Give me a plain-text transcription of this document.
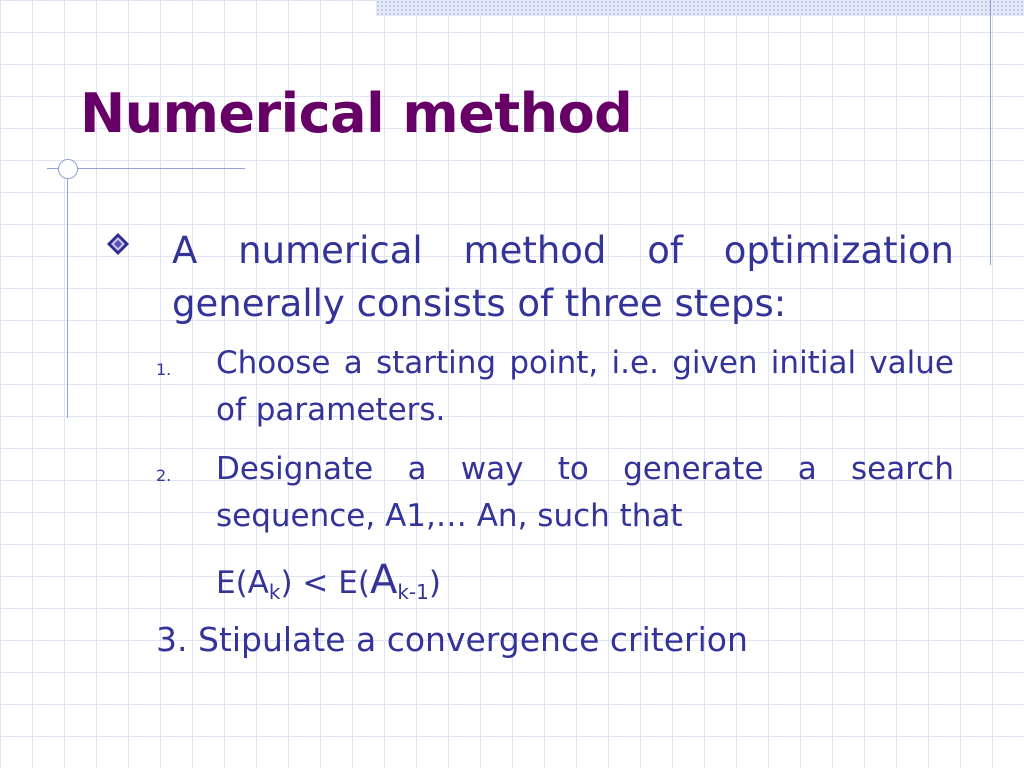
Numerical method

A numerical method of optimization generally consists of three steps:

1. Choose a starting point, i.e. given initial value of parameters.

2. Designate a way to generate a search sequence, A1,… An, such that

$E(A_k) < E(A_{k-1})$
3. Stipulate a convergence criterion
